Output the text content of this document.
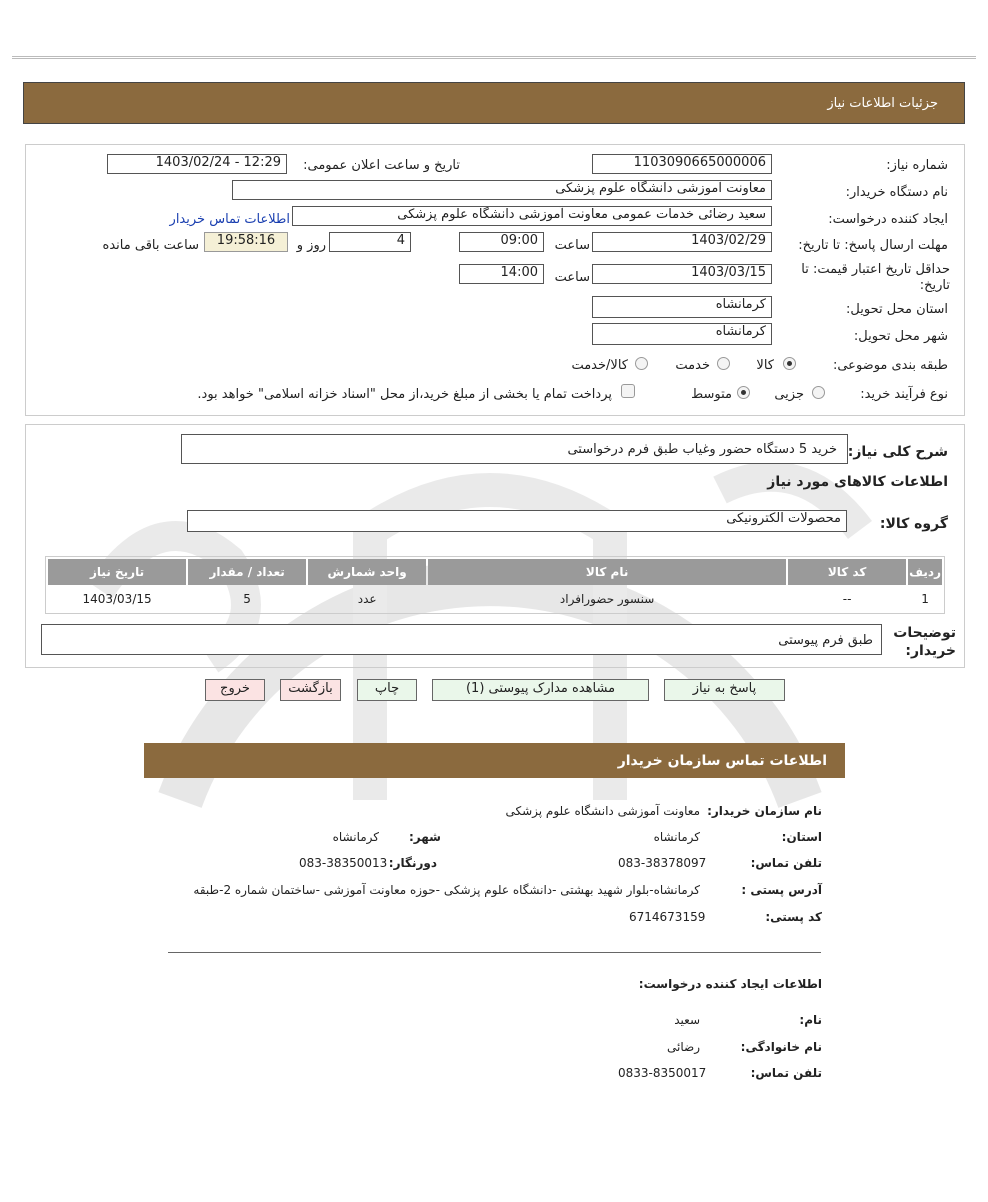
جزئیات اطلاعات نیاز
شماره نیاز:
1103090665000006
تاریخ و ساعت اعلان عمومی:
1403/02/24 - 12:29
نام دستگاه خریدار:
معاونت آموزشی دانشگاه علوم پزشکی
ایجاد کننده درخواست:
سعید رضائی خدمات عمومی معاونت آموزشی دانشگاه علوم پزشکی
اطلاعات تماس خریدار
مهلت ارسال پاسخ: تا تاریخ:
1403/02/29
ساعت
09:00
4
روز و
19:58:16
ساعت باقی مانده
حداقل تاریخ اعتبار قیمت: تا تاریخ:
1403/03/15
ساعت
14:00
استان محل تحویل:
کرمانشاه
شهر محل تحویل:
کرمانشاه
طبقه بندی موضوعی:
کالا
خدمت
کالا/خدمت
نوع فرآیند خرید:
جزیی
متوسط
پرداخت تمام یا بخشی از مبلغ خرید،از محل "اسناد خزانه اسلامی" خواهد بود.
شرح کلی نیاز:
خرید 5 دستگاه حضور وغیاب طبق فرم درخواستی
اطلاعات کالاهای مورد نیاز
گروه کالا:
محصولات الکترونیکی
ردیف	کد کالا	نام کالا	واحد شمارش	تعداد / مقدار	تاریخ نیاز
1	--	سنسور حضورافراد	عدد	5	1403/03/15
توضیحات خریدار:
طبق فرم پیوستی
پاسخ به نیاز
مشاهده مدارک پیوستی (1)
چاپ
بازگشت
خروج
اطلاعات تماس سازمان خریدار
نام سازمان خریدار:
معاونت آموزشی دانشگاه علوم پزشکی
استان:
کرمانشاه
شهر:
کرمانشاه
تلفن تماس:
083-38378097
دورنگار:
083-38350013
آدرس پستی :
کرمانشاه-بلوار شهید بهشتی -دانشگاه علوم پزشکی -حوزه معاونت آموزشی -ساختمان شماره 2-طبقه
کد پستی:
6714673159
اطلاعات ایجاد کننده درخواست:
نام:
سعید
نام خانوادگی:
رضائی
تلفن تماس:
0833-8350017
